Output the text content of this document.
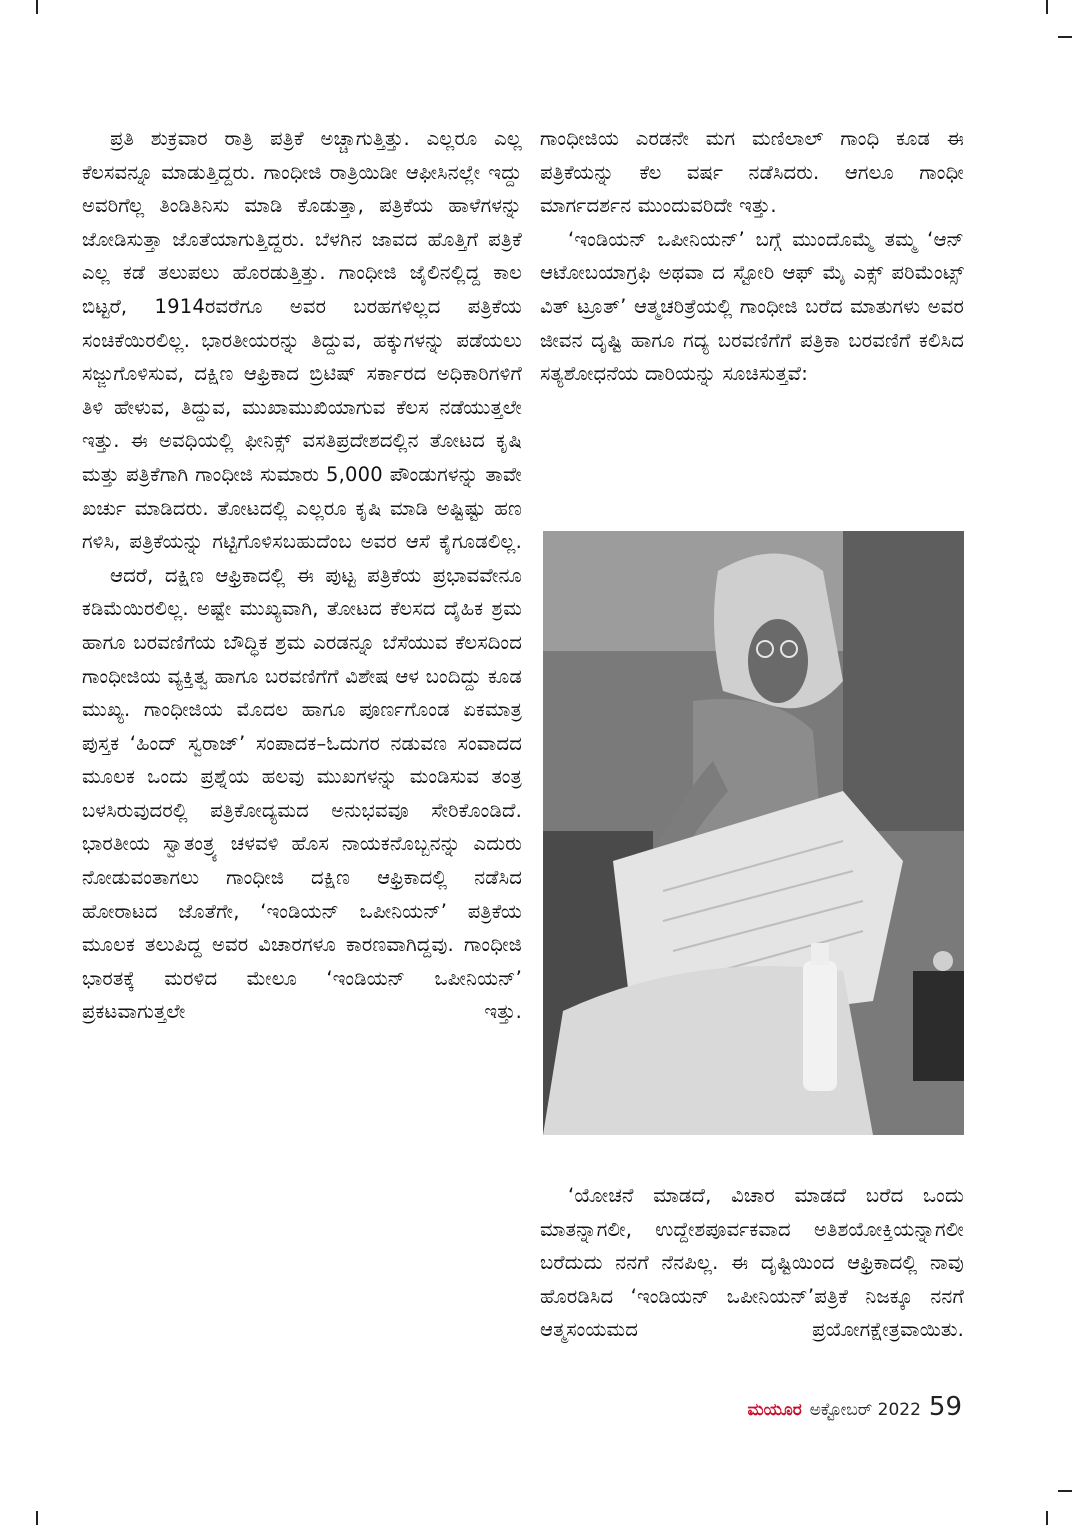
ಪ್ರತಿ ಶುಕ್ರವಾರ ರಾತ್ರಿ ಪತ್ರಿಕೆ ಅಚ್ಚಾಗುತ್ತಿತ್ತು. ಎಲ್ಲರೂ ಎಲ್ಲ ಕೆಲಸವನ್ನೂ ಮಾಡುತ್ತಿದ್ದರು. ಗಾಂಧೀಜಿ ರಾತ್ರಿಯಿಡೀ ಆಫೀಸಿನಲ್ಲೇ ಇದ್ದು ಅವರಿಗೆಲ್ಲ ತಿಂಡಿತಿನಿಸು ಮಾಡಿ ಕೊಡುತ್ತಾ, ಪತ್ರಿಕೆಯ ಹಾಳೆಗಳನ್ನು ಜೋಡಿಸುತ್ತಾ ಜೊತೆಯಾಗುತ್ತಿದ್ದರು. ಬೆಳಗಿನ ಜಾವದ ಹೊತ್ತಿಗೆ ಪತ್ರಿಕೆ ಎಲ್ಲ ಕಡೆ ತಲುಪಲು ಹೊರಡುತ್ತಿತ್ತು. ಗಾಂಧೀಜಿ ಜೈಲಿನಲ್ಲಿದ್ದ ಕಾಲ ಬಿಟ್ಟರೆ, 1914ರವರೆಗೂ ಅವರ ಬರಹಗಳಿಲ್ಲದ ಪತ್ರಿಕೆಯ ಸಂಚಿಕೆಯಿರಲಿಲ್ಲ. ಭಾರತೀಯರನ್ನು ತಿದ್ದುವ, ಹಕ್ಕುಗಳನ್ನು ಪಡೆಯಲು ಸಜ್ಜುಗೊಳಿಸುವ, ದಕ್ಷಿಣ ಆಫ್ರಿಕಾದ ಬ್ರಿಟಿಷ್ ಸರ್ಕಾರದ ಅಧಿಕಾರಿಗಳಿಗೆ ತಿಳಿ ಹೇಳುವ, ತಿದ್ದುವ, ಮುಖಾಮುಖಿಯಾಗುವ ಕೆಲಸ ನಡೆಯುತ್ತಲೇ ಇತ್ತು. ಈ ಅವಧಿಯಲ್ಲಿ ಫೀನಿಕ್ಸ್ ವಸತಿಪ್ರದೇಶದಲ್ಲಿನ ತೋಟದ ಕೃಷಿ ಮತ್ತು ಪತ್ರಿಕೆಗಾಗಿ ಗಾಂಧೀಜಿ ಸುಮಾರು 5,000 ಪೌಂಡುಗಳನ್ನು ತಾವೇ ಖರ್ಚು ಮಾಡಿದರು. ತೋಟದಲ್ಲಿ ಎಲ್ಲರೂ ಕೃಷಿ ಮಾಡಿ ಅಷ್ಟಿಷ್ಟು ಹಣ ಗಳಿಸಿ, ಪತ್ರಿಕೆಯನ್ನು ಗಟ್ಟಿಗೊಳಿಸಬಹುದೆಂಬ ಅವರ ಆಸೆ ಕೈಗೂಡಲಿಲ್ಲ.

ಆದರೆ, ದಕ್ಷಿಣ ಆಫ್ರಿಕಾದಲ್ಲಿ ಈ ಪುಟ್ಟ ಪತ್ರಿಕೆಯ ಪ್ರಭಾವವೇನೂ ಕಡಿಮೆಯಿರಲಿಲ್ಲ. ಅಷ್ಟೇ ಮುಖ್ಯವಾಗಿ, ತೋಟದ ಕೆಲಸದ ದೈಹಿಕ ಶ್ರಮ ಹಾಗೂ ಬರವಣಿಗೆಯ ಬೌದ್ಧಿಕ ಶ್ರಮ ಎರಡನ್ನೂ ಬೆಸೆಯುವ ಕೆಲಸದಿಂದ ಗಾಂಧೀಜಿಯ ವ್ಯಕ್ತಿತ್ವ ಹಾಗೂ ಬರವಣಿಗೆಗೆ ವಿಶೇಷ ಆಳ ಬಂದಿದ್ದು ಕೂಡ ಮುಖ್ಯ. ಗಾಂಧೀಜಿಯ ಮೊದಲ ಹಾಗೂ ಪೂರ್ಣಗೊಂಡ ಏಕಮಾತ್ರ ಪುಸ್ತಕ ‘ಹಿಂದ್ ಸ್ವರಾಜ್’ ಸಂಪಾದಕ–ಓದುಗರ ನಡುವಣ ಸಂವಾದದ ಮೂಲಕ ಒಂದು ಪ್ರಶ್ನೆಯ ಹಲವು ಮುಖಗಳನ್ನು ಮಂಡಿಸುವ ತಂತ್ರ ಬಳಸಿರುವುದರಲ್ಲಿ ಪತ್ರಿಕೋದ್ಯಮದ ಅನುಭವವೂ ಸೇರಿಕೊಂಡಿದೆ. ಭಾರತೀಯ ಸ್ವಾತಂತ್ರ್ಯ ಚಳವಳಿ ಹೊಸ ನಾಯಕನೊಬ್ಬನನ್ನು ಎದುರು ನೋಡುವಂತಾಗಲು ಗಾಂಧೀಜಿ ದಕ್ಷಿಣ ಆಫ್ರಿಕಾದಲ್ಲಿ ನಡೆಸಿದ ಹೋರಾಟದ ಜೊತೆಗೇ, ‘ಇಂಡಿಯನ್ ಒಪೀನಿಯನ್’ ಪತ್ರಿಕೆಯ ಮೂಲಕ ತಲುಪಿದ್ದ ಅವರ ವಿಚಾರಗಳೂ ಕಾರಣವಾಗಿದ್ದವು. ಗಾಂಧೀಜಿ ಭಾರತಕ್ಕೆ ಮರಳಿದ ಮೇಲೂ ‘ಇಂಡಿಯನ್ ಒಪೀನಿಯನ್’ ಪ್ರಕಟವಾಗುತ್ತಲೇ ಇತ್ತು.

ಗಾಂಧೀಜಿಯ ಎರಡನೇ ಮಗ ಮಣಿಲಾಲ್ ಗಾಂಧಿ ಕೂಡ ಈ ಪತ್ರಿಕೆಯನ್ನು ಕೆಲ ವರ್ಷ ನಡೆಸಿದರು. ಆಗಲೂ ಗಾಂಧೀ ಮಾರ್ಗದರ್ಶನ ಮುಂದುವರಿದೇ ಇತ್ತು.

‘ಇಂಡಿಯನ್ ಒಪೀನಿಯನ್’ ಬಗ್ಗೆ ಮುಂದೊಮ್ಮೆ ತಮ್ಮ ‘ಆನ್ ಆಟೋಬಯಾಗ್ರಫಿ ಅಥವಾ ದ ಸ್ಟೋರಿ ಆಫ್ ಮೈ ಎಕ್ಸ್ ಪರಿಮೆಂಟ್ಸ್ ವಿತ್ ಟ್ರೂತ್’ ಆತ್ಮಚರಿತ್ರೆಯಲ್ಲಿ ಗಾಂಧೀಜಿ ಬರೆದ ಮಾತುಗಳು ಅವರ ಜೀವನ ದೃಷ್ಟಿ ಹಾಗೂ ಗದ್ಯ ಬರವಣಿಗೆಗೆ ಪತ್ರಿಕಾ ಬರವಣಿಗೆ ಕಲಿಸಿದ ಸತ್ಯಶೋಧನೆಯ ದಾರಿಯನ್ನು ಸೂಚಿಸುತ್ತವೆ:

‘ಯೋಚನೆ ಮಾಡದೆ, ವಿಚಾರ ಮಾಡದೆ ಬರೆದ ಒಂದು ಮಾತನ್ನಾಗಲೀ, ಉದ್ದೇಶಪೂರ್ವಕವಾದ ಅತಿಶಯೋಕ್ತಿಯನ್ನಾಗಲೀ ಬರೆದುದು ನನಗೆ ನೆನಪಿಲ್ಲ. ಈ ದೃಷ್ಟಿಯಿಂದ ಆಫ್ರಿಕಾದಲ್ಲಿ ನಾವು ಹೊರಡಿಸಿದ ‘ಇಂಡಿಯನ್ ಒಪೀನಿಯನ್’ಪತ್ರಿಕೆ ನಿಜಕ್ಕೂ ನನಗೆ ಆತ್ಮಸಂಯಮದ ಪ್ರಯೋಗಕ್ಷೇತ್ರವಾಯಿತು.

ಮಯೂರ ಅಕ್ಟೋಬರ್ 2022 59
